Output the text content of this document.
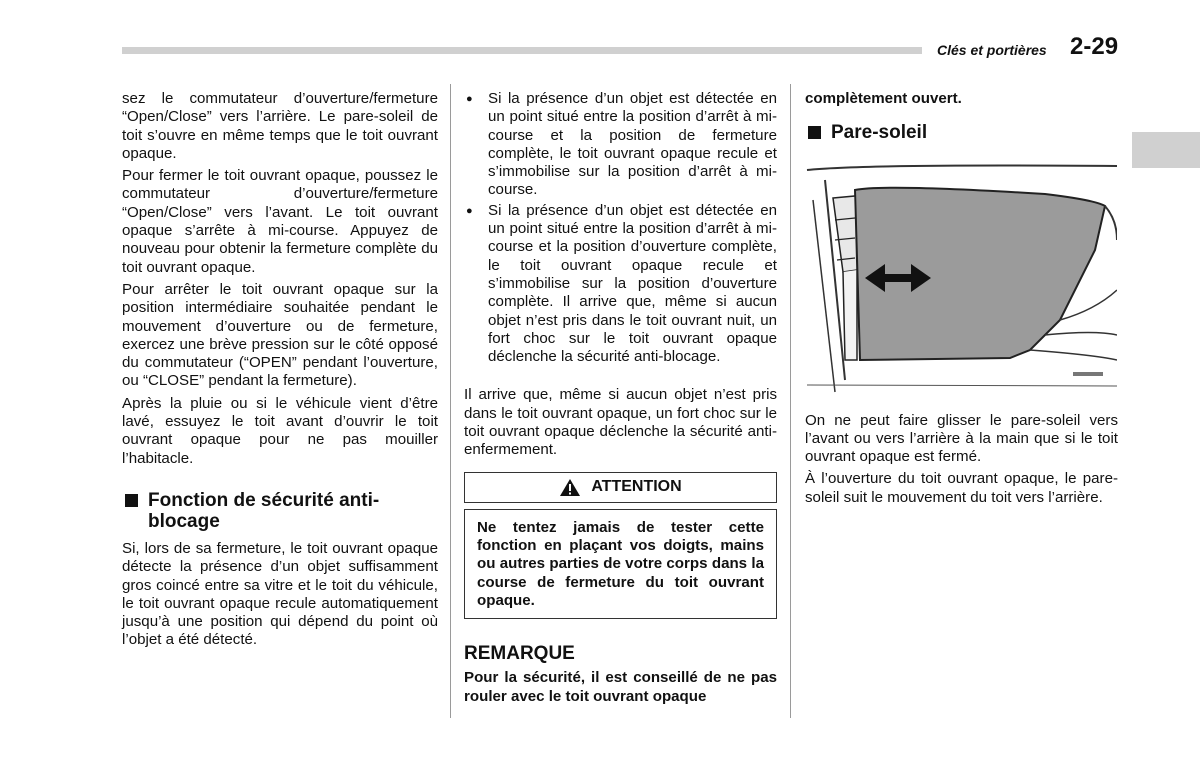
Clés et portières 2-29

sez le commutateur d’ouverture/fermeture “Open/Close” vers l’arrière. Le pare-soleil de toit s’ouvre en même temps que le toit ouvrant opaque.

Pour fermer le toit ouvrant opaque, poussez le commutateur d’ouverture/fermeture “Open/Close” vers l’avant. Le toit ouvrant opaque s’arrête à mi-course. Appuyez de nouveau pour obtenir la fermeture complète du toit ouvrant opaque.

Pour arrêter le toit ouvrant opaque sur la position intermédiaire souhaitée pendant le mouvement d’ouverture ou de fermeture, exercez une brève pression sur le côté opposé du commutateur (“OPEN” pendant l’ouverture, ou “CLOSE” pendant la fermeture).

Après la pluie ou si le véhicule vient d’être lavé, essuyez le toit avant d’ouvrir le toit ouvrant opaque pour ne pas mouiller l’habitacle.

Fonction de sécurité anti-blocage

Si, lors de sa fermeture, le toit ouvrant opaque détecte la présence d’un objet suffisamment gros coincé entre sa vitre et le toit du véhicule, le toit ouvrant opaque recule automatiquement jusqu’à une position qui dépend du point où l’objet a été détecté.

●	Si la présence d’un objet est détectée en un point situé entre la position d’arrêt à mi-course et la position de fermeture complète, le toit ouvrant opaque recule et s’immobilise sur la position d’arrêt à mi-course.
●	Si la présence d’un objet est détectée en un point situé entre la position d’arrêt à mi-course et la position d’ouverture complète, le toit ouvrant opaque recule et s’immobilise sur la position d’ouverture complète. Il arrive que, même si aucun objet n’est pris dans le toit ouvrant nuit, un fort choc sur le toit ouvrant opaque déclenche la sécurité anti-blocage.

Il arrive que, même si aucun objet n’est pris dans le toit ouvrant opaque, un fort choc sur le toit ouvrant opaque déclenche la sécurité anti-enfermement.

ATTENTION
Ne tentez jamais de tester cette fonction en plaçant vos doigts, mains ou autres parties de votre corps dans la course de fermeture du toit ouvrant opaque.
REMARQUE

Pour la sécurité, il est conseillé de ne pas rouler avec le toit ouvrant opaque

complètement ouvert.

Pare-soleil

On ne peut faire glisser le pare-soleil vers l’avant ou vers l’arrière à la main que si le toit ouvrant opaque est fermé.

À l’ouverture du toit ouvrant opaque, le pare-soleil suit le mouvement du toit vers l’arrière.
